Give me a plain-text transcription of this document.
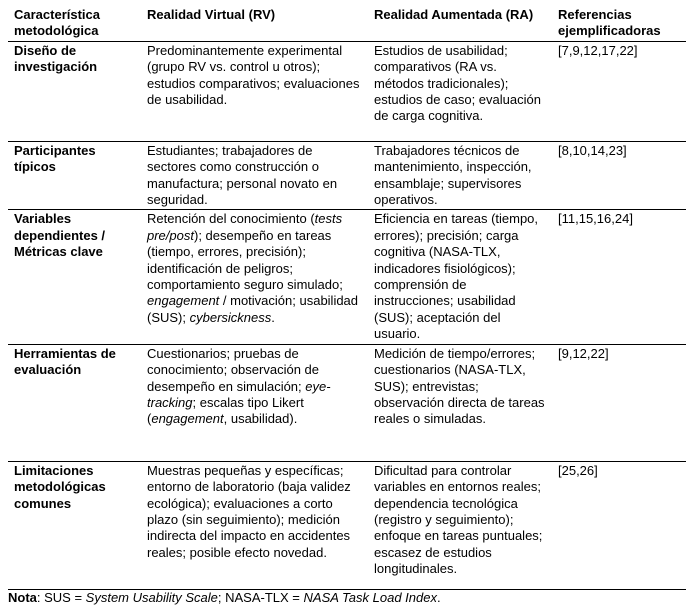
Característica metodológica	Realidad Virtual (RV)	Realidad Aumentada (RA)	Referencias ejemplificadoras
Diseño de investigación	Predominantemente experimental (grupo RV vs. control u otros); estudios comparativos; evaluaciones de usabilidad.	Estudios de usabilidad; comparativos (RA vs. métodos tradicionales); estudios de caso; evaluación de carga cognitiva.	[7,9,12,17,22]
Participantes típicos	Estudiantes; trabajadores de sectores como construcción o manufactura; personal novato en seguridad.	Trabajadores técnicos de mantenimiento, inspección, ensamblaje; supervisores operativos.	[8,10,14,23]
Variables dependientes / Métricas clave	Retención del conocimiento (tests pre/post); desempeño en tareas (tiempo, errores, precisión); identificación de peligros; comportamiento seguro simulado; engagement / motivación; usabilidad (SUS); cybersickness.	Eficiencia en tareas (tiempo, errores); precisión; carga cognitiva (NASA-TLX, indicadores fisiológicos); comprensión de instrucciones; usabilidad (SUS); aceptación del usuario.	[11,15,16,24]
Herramientas de evaluación	Cuestionarios; pruebas de conocimiento; observación de desempeño en simulación; eye-tracking; escalas tipo Likert (engagement, usabilidad).	Medición de tiempo/errores; cuestionarios (NASA-TLX, SUS); entrevistas; observación directa de tareas reales o simuladas.	[9,12,22]
Limitaciones metodológicas comunes	Muestras pequeñas y específicas; entorno de laboratorio (baja validez ecológica); evaluaciones a corto plazo (sin seguimiento); medición indirecta del impacto en accidentes reales; posible efecto novedad.	Dificultad para controlar variables en entornos reales; dependencia tecnológica (registro y seguimiento); enfoque en tareas puntuales; escasez de estudios longitudinales.	[25,26]
Nota: SUS = System Usability Scale; NASA-TLX = NASA Task Load Index.
